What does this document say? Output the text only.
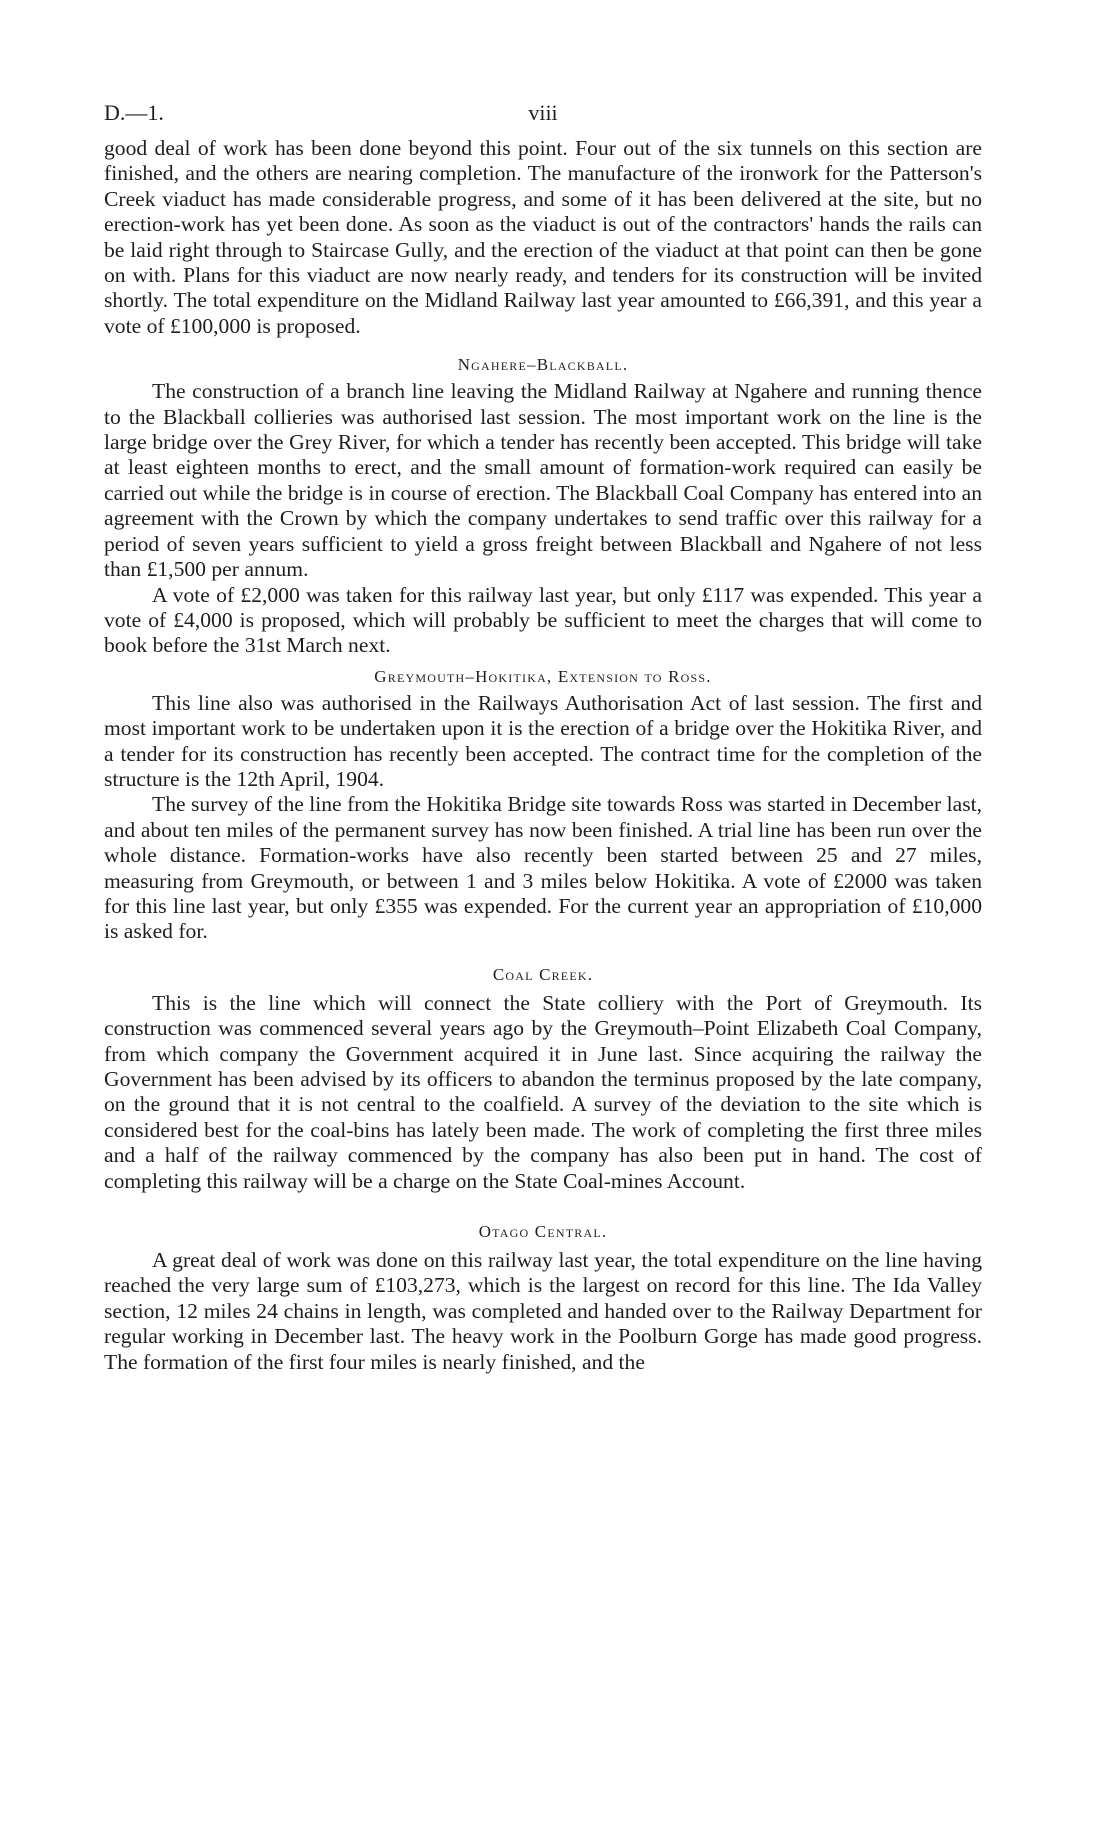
D.—1.	viii

good deal of work has been done beyond this point. Four out of the six tunnels on this section are finished, and the others are nearing completion. The manufacture of the ironwork for the Patterson's Creek viaduct has made considerable progress, and some of it has been delivered at the site, but no erection-work has yet been done. As soon as the viaduct is out of the contractors' hands the rails can be laid right through to Staircase Gully, and the erection of the viaduct at that point can then be gone on with. Plans for this viaduct are now nearly ready, and tenders for its construction will be invited shortly. The total expenditure on the Midland Railway last year amounted to £66,391, and this year a vote of £100,000 is proposed.

Ngahere–Blackball.

The construction of a branch line leaving the Midland Railway at Ngahere and running thence to the Blackball collieries was authorised last session. The most important work on the line is the large bridge over the Grey River, for which a tender has recently been accepted. This bridge will take at least eighteen months to erect, and the small amount of formation-work required can easily be carried out while the bridge is in course of erection. The Blackball Coal Company has entered into an agreement with the Crown by which the company undertakes to send traffic over this railway for a period of seven years sufficient to yield a gross freight between Blackball and Ngahere of not less than £1,500 per annum.

A vote of £2,000 was taken for this railway last year, but only £117 was expended. This year a vote of £4,000 is proposed, which will probably be sufficient to meet the charges that will come to book before the 31st March next.

Greymouth–Hokitika, Extension to Ross.

This line also was authorised in the Railways Authorisation Act of last session. The first and most important work to be undertaken upon it is the erection of a bridge over the Hokitika River, and a tender for its construction has recently been accepted. The contract time for the completion of the structure is the 12th April, 1904.

The survey of the line from the Hokitika Bridge site towards Ross was started in December last, and about ten miles of the permanent survey has now been finished. A trial line has been run over the whole distance. Formation-works have also recently been started between 25 and 27 miles, measuring from Greymouth, or between 1 and 3 miles below Hokitika. A vote of £2000 was taken for this line last year, but only £355 was expended. For the current year an appropriation of £10,000 is asked for.

Coal Creek.

This is the line which will connect the State colliery with the Port of Greymouth. Its construction was commenced several years ago by the Greymouth–Point Elizabeth Coal Company, from which company the Government acquired it in June last. Since acquiring the railway the Government has been advised by its officers to abandon the terminus proposed by the late company, on the ground that it is not central to the coalfield. A survey of the deviation to the site which is considered best for the coal-bins has lately been made. The work of completing the first three miles and a half of the railway commenced by the company has also been put in hand. The cost of completing this railway will be a charge on the State Coal-mines Account.

Otago Central.

A great deal of work was done on this railway last year, the total expenditure on the line having reached the very large sum of £103,273, which is the largest on record for this line. The Ida Valley section, 12 miles 24 chains in length, was completed and handed over to the Railway Department for regular working in December last. The heavy work in the Poolburn Gorge has made good progress. The formation of the first four miles is nearly finished, and the
